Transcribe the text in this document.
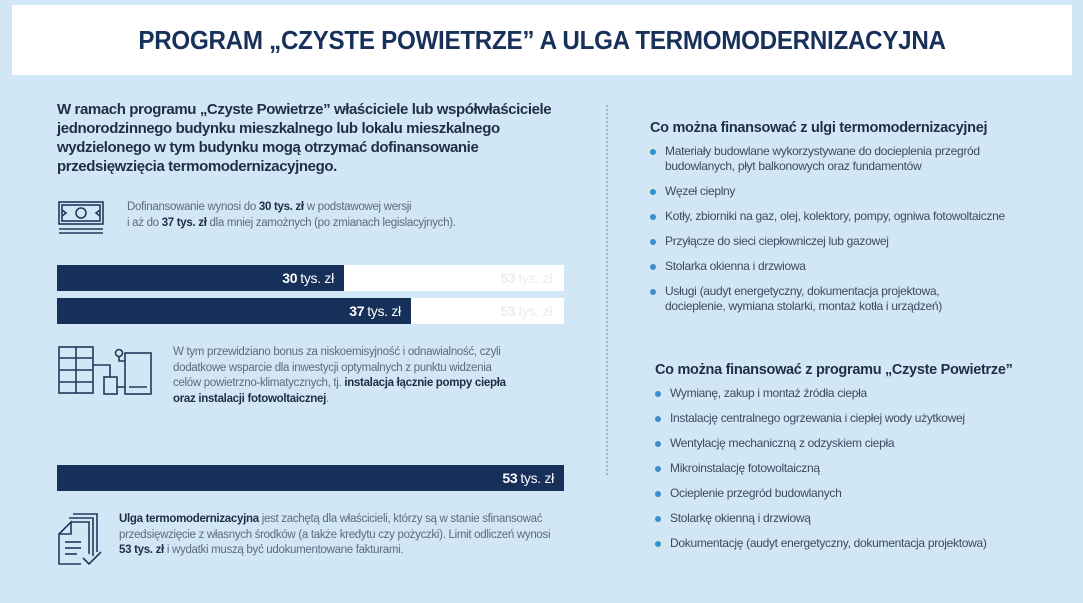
PROGRAM „CZYSTE POWIETRZE” A ULGA TERMOMODERNIZACYJNA

W ramach programu „Czyste Powietrze” właściciele lub współwłaściciele jednorodzinnego budynku mieszkalnego lub lokalu mieszkalnego wydzielonego w tym budynku mogą otrzymać dofinansowanie przedsięwzięcia termomodernizacyjnego.

Dofinansowanie wynosi do 30 tys. zł w podstawowej wersji
i aż do 37 tys. zł dla mniej zamożnych (po zmianach legislacyjnych).
30 tys. zł	53 tys. zł
37 tys. zł	53 tys. zł

W tym przewidziano bonus za niskoemisyjność i odnawialność, czyli dodatkowe wsparcie dla inwestycji optymalnych z punktu widzenia celów powietrzno-klimatycznych, tj. instalacja łącznie pompy ciepła oraz instalacji fotowoltaicznej.

53 tys. zł

Ulga termomodernizacyjna jest zachętą dla właścicieli, którzy są w stanie sfinansować przedsięwzięcie z własnych środków (a także kredytu czy pożyczki). Limit odliczeń wynosi 53 tys. zł i wydatki muszą być udokumentowane fakturami.

Co można finansować z ulgi termomodernizacyjnej
Materiały budowlane wykorzystywane do docieplenia przegród budowlanych, płyt balkonowych oraz fundamentów
Węzeł cieplny
Kotły, zbiorniki na gaz, olej, kolektory, pompy, ogniwa fotowoltaiczne
Przyłącze do sieci ciepłowniczej lub gazowej
Stolarka okienna i drzwiowa
Usługi (audyt energetyczny, dokumentacja projektowa, docieplenie, wymiana stolarki, montaż kotła i urządzeń)
Co można finansować z programu „Czyste Powietrze”
Wymianę, zakup i montaż źródła ciepła
Instalację centralnego ogrzewania i ciepłej wody użytkowej
Wentylację mechaniczną z odzyskiem ciepła
Mikroinstalację fotowoltaiczną
Ocieplenie przegród budowlanych
Stolarkę okienną i drzwiową
Dokumentację (audyt energetyczny, dokumentacja projektowa)
